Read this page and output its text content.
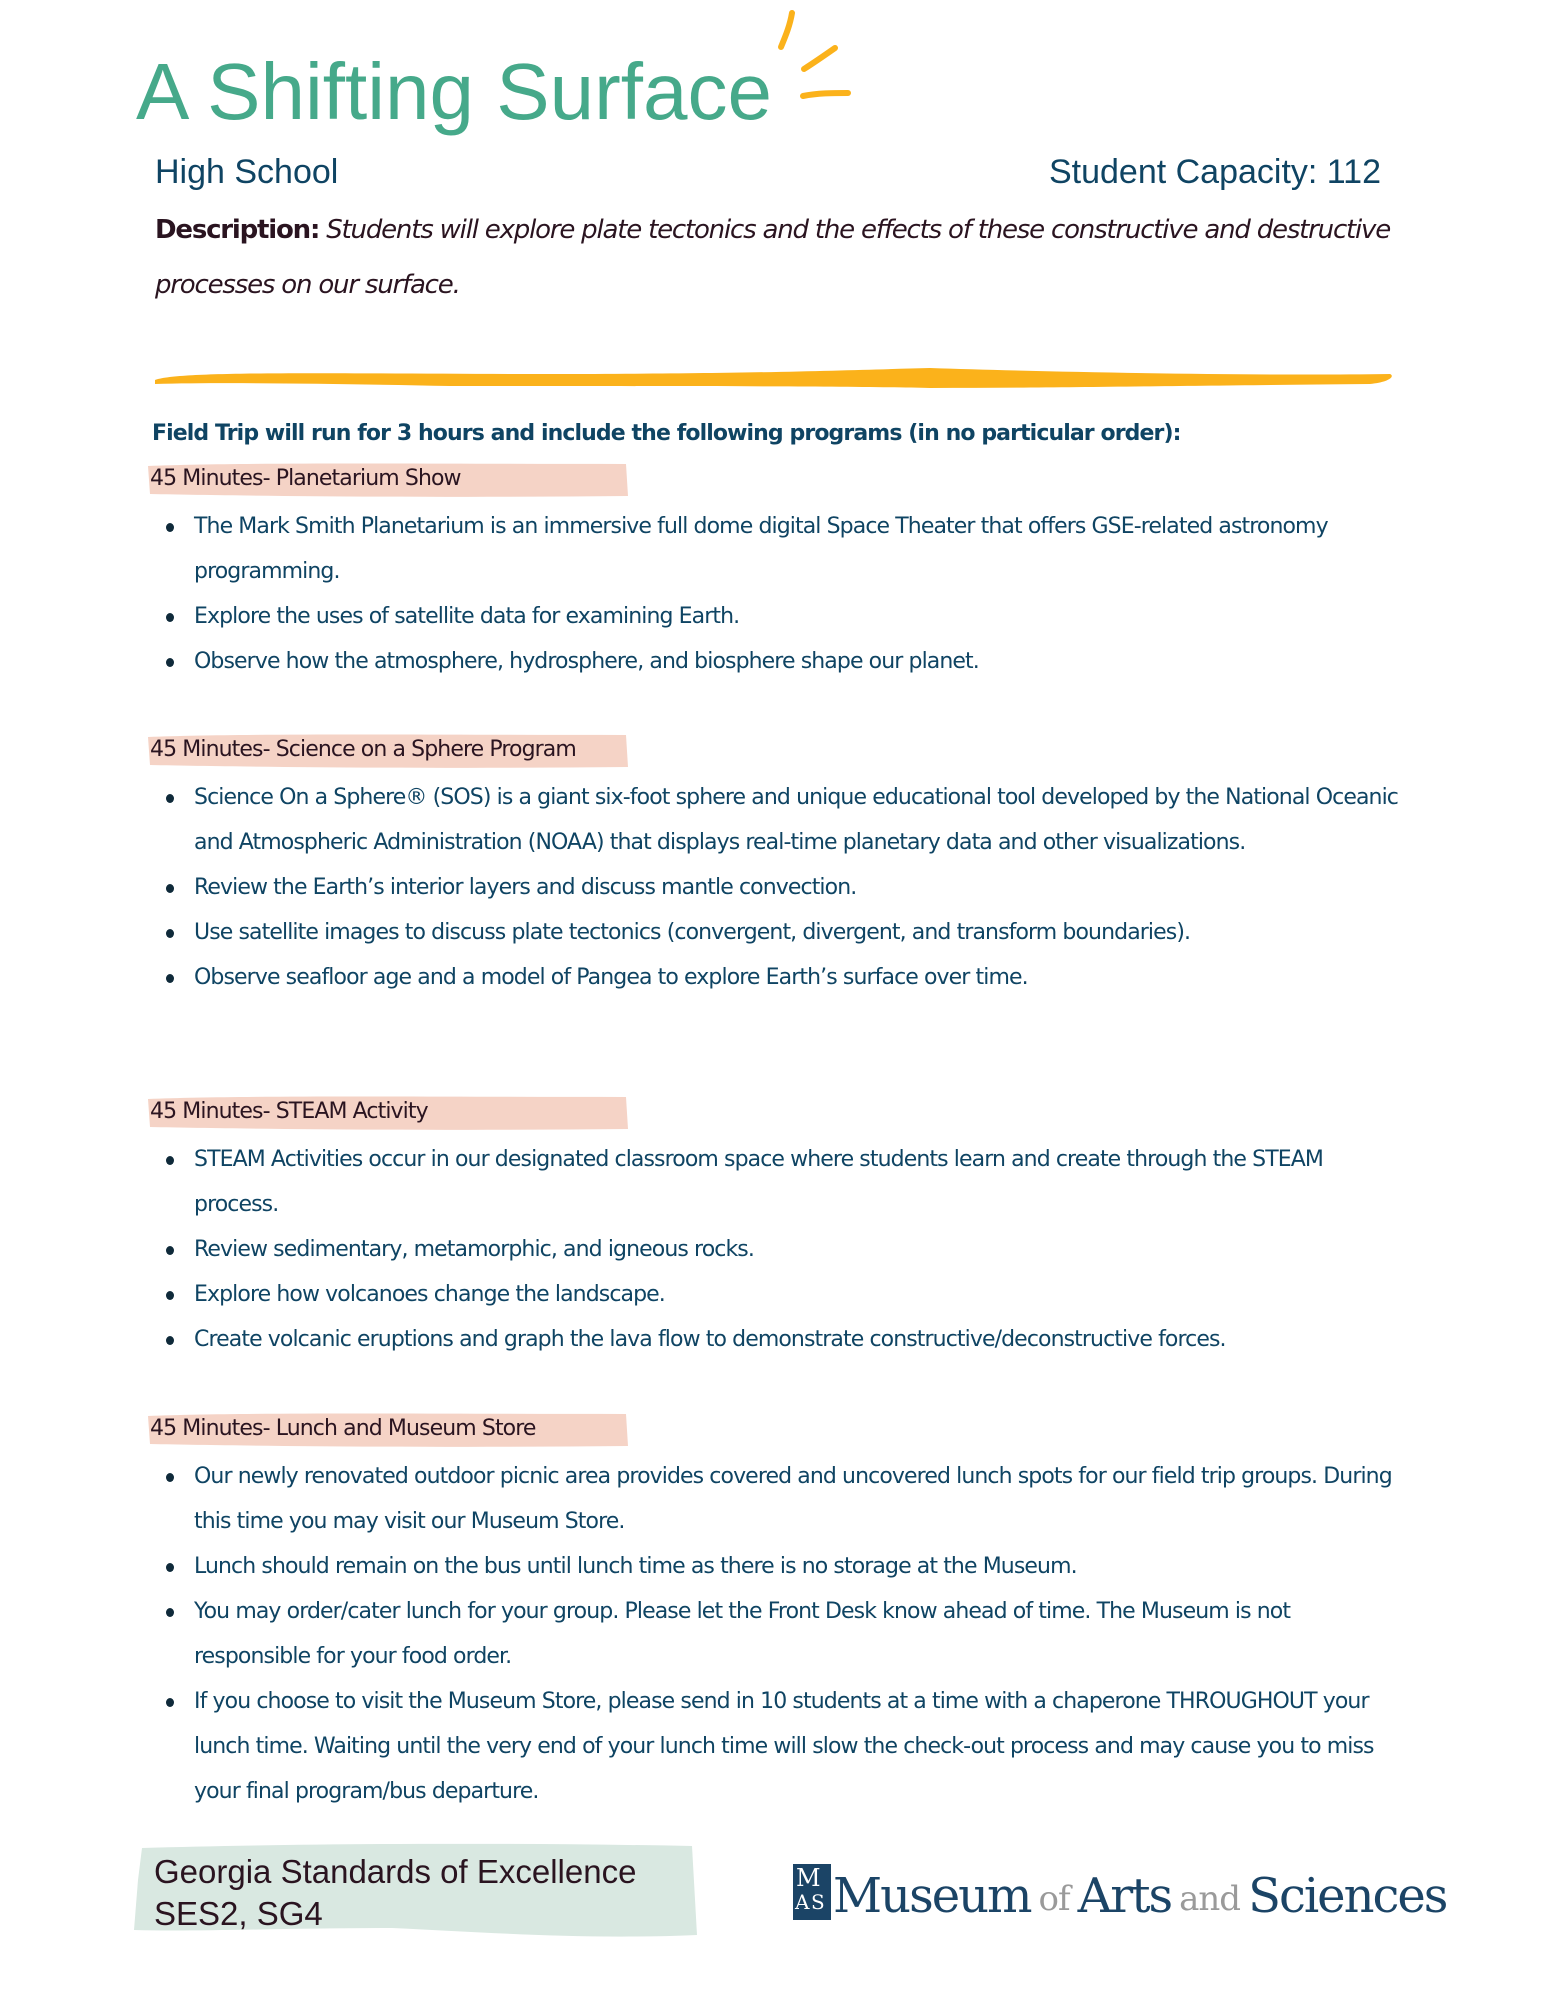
A Shifting Surface
High School	Student Capacity: 112
Description: Students will explore plate tectonics and the effects of these constructive and destructive processes on our surface.
Field Trip will run for 3 hours and include the following programs (in no particular order):
45 Minutes- Planetarium Show
The Mark Smith Planetarium is an immersive full dome digital Space Theater that offers GSE-related astronomy programming.
Explore the uses of satellite data for examining Earth.
Observe how the atmosphere, hydrosphere, and biosphere shape our planet.
45 Minutes- Science on a Sphere Program
Science On a Sphere® (SOS) is a giant six-foot sphere and unique educational tool developed by the National Oceanic and Atmospheric Administration (NOAA) that displays real-time planetary data and other visualizations.
Review the Earth’s interior layers and discuss mantle convection.
Use satellite images to discuss plate tectonics (convergent, divergent, and transform boundaries).
Observe seafloor age and a model of Pangea to explore Earth’s surface over time.
45 Minutes- STEAM Activity
STEAM Activities occur in our designated classroom space where students learn and create through the STEAM process.
Review sedimentary, metamorphic, and igneous rocks.
Explore how volcanoes change the landscape.
Create volcanic eruptions and graph the lava flow to demonstrate constructive/deconstructive forces.
45 Minutes- Lunch and Museum Store
Our newly renovated outdoor picnic area provides covered and uncovered lunch spots for our field trip groups. During this time you may visit our Museum Store.
Lunch should remain on the bus until lunch time as there is no storage at the Museum.
You may order/cater lunch for your group. Please let the Front Desk know ahead of time. The Museum is not responsible for your food order.
If you choose to visit the Museum Store, please send in 10 students at a time with a chaperone THROUGHOUT your lunch time. Waiting until the very end of your lunch time will slow the check-out process and may cause you to miss your final program/bus departure.
Georgia Standards of Excellence
SES2, SG4
M
A S Museum of Arts and Sciences
